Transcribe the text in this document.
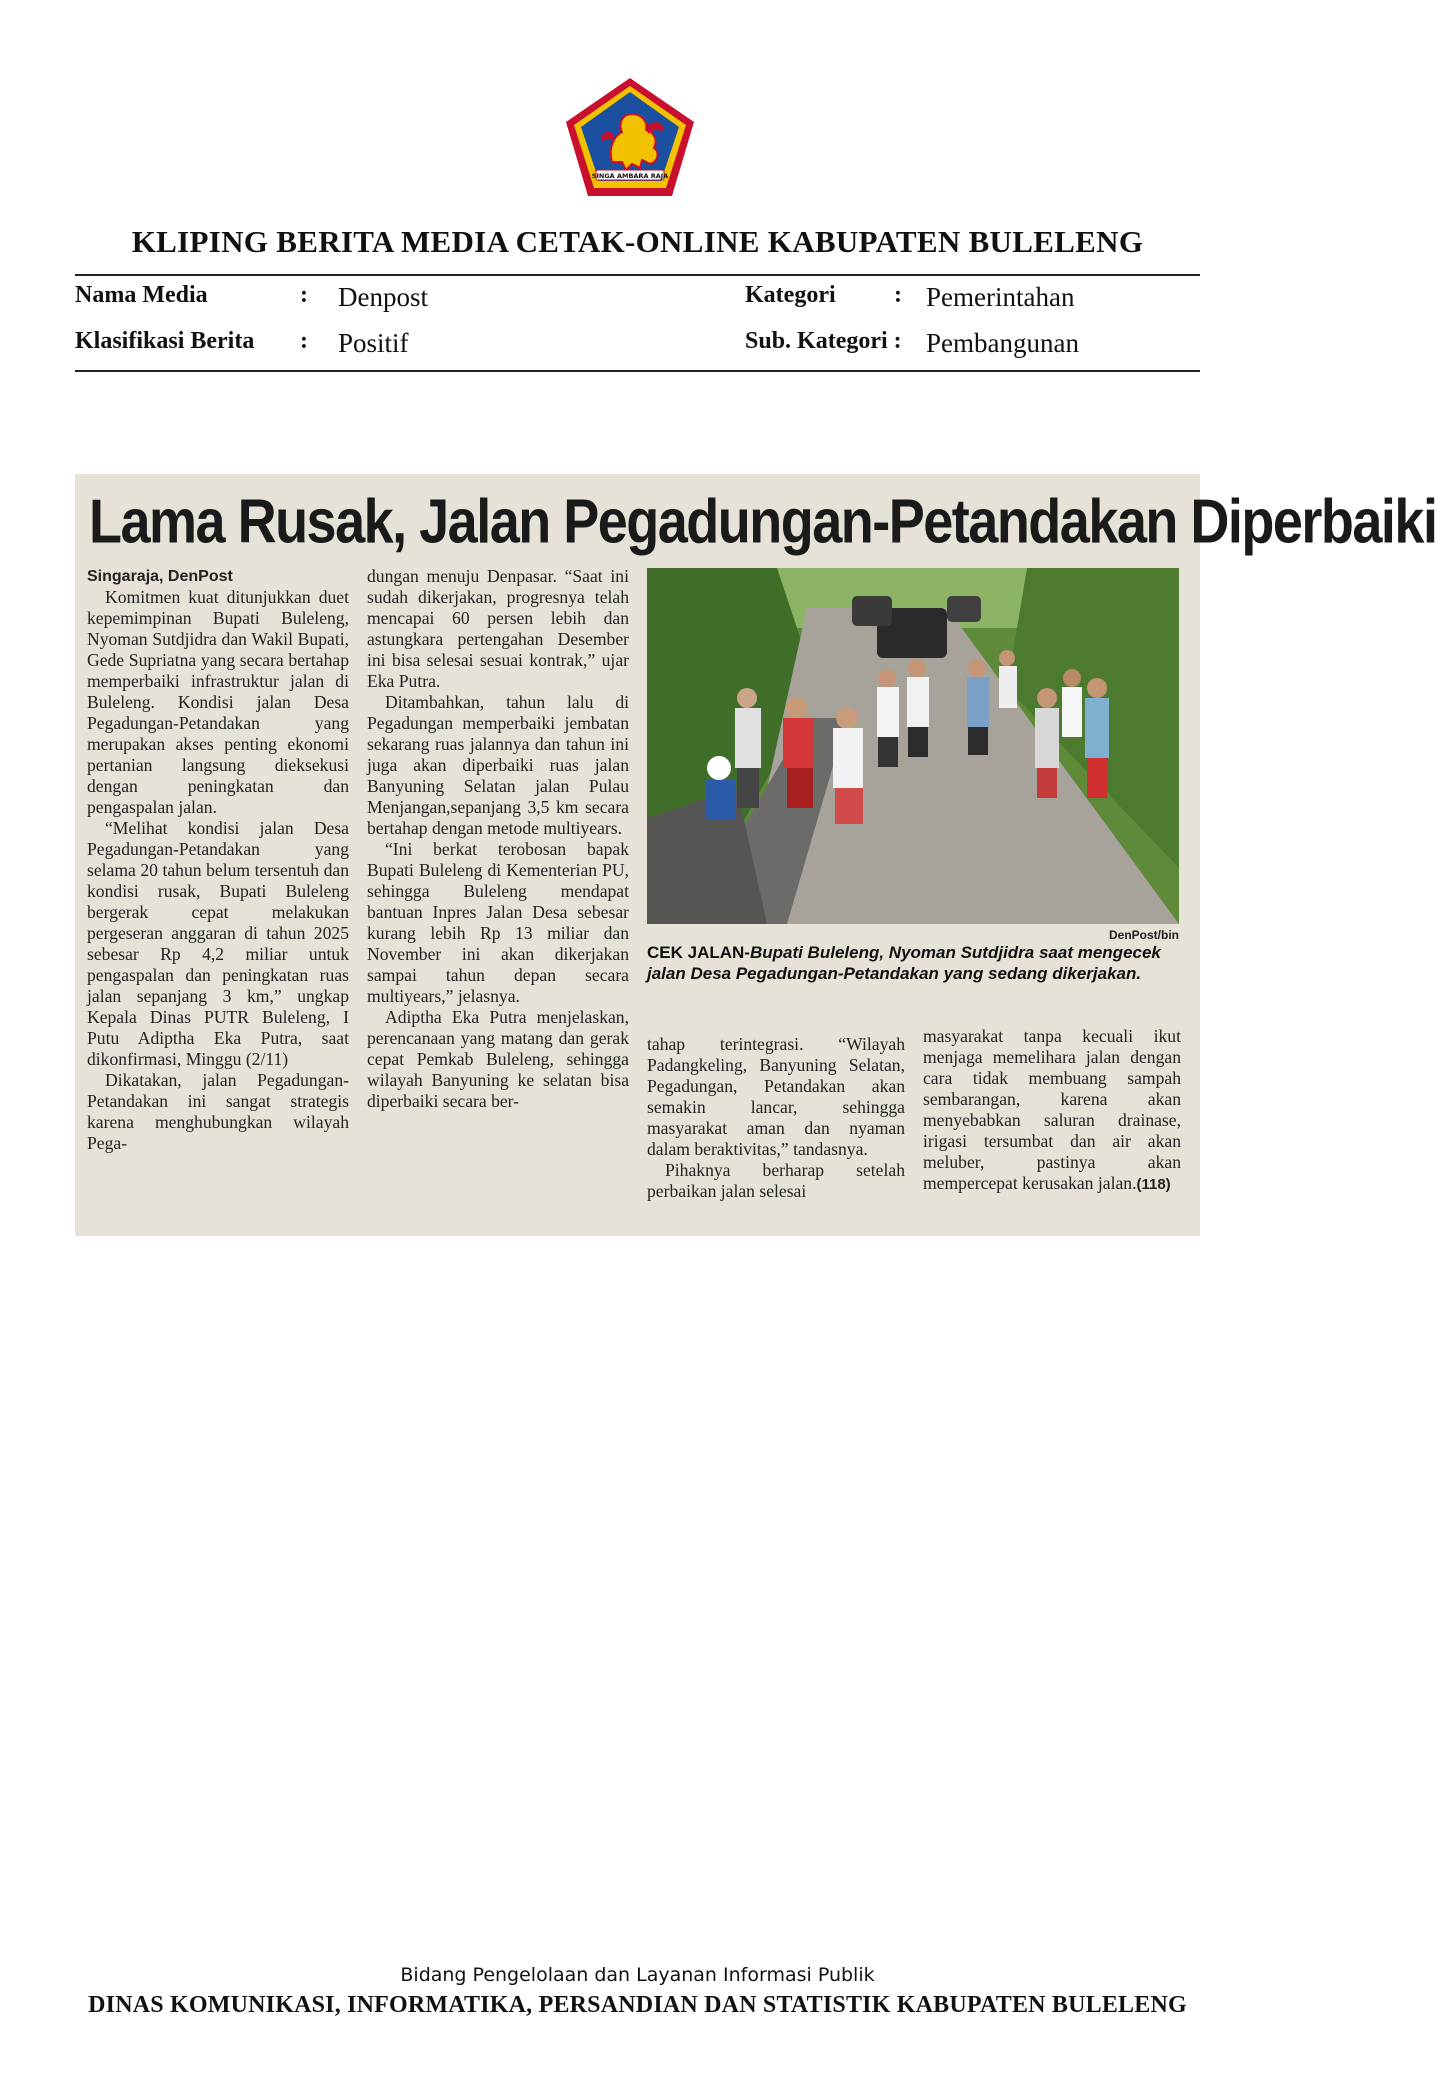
SINGA AMBARA RAJA
KLIPING BERITA MEDIA CETAK-ONLINE KABUPATEN BULELENG
Nama Media	: Denpost
Klasifikasi Berita : Positif
Kategori : Pemerintahan
Sub. Kategori : Pembangunan
Lama Rusak, Jalan Pegadungan-Petandakan Diperbaiki
Singaraja, DenPost

Komitmen kuat ditunjukkan duet kepemimpinan Bupati Buleleng, Nyoman Sutdjidra dan Wakil Bupati, Gede Supriatna yang secara bertahap memperbaiki infrastruktur jalan di Buleleng. Kondisi jalan Desa Pegadungan-Petandakan yang merupakan akses penting ekonomi pertanian langsung dieksekusi dengan peningkatan dan pengaspalan jalan.

“Melihat kondisi jalan Desa Pegadungan-Petandakan yang selama 20 tahun belum tersentuh dan kondisi rusak, Bupati Buleleng bergerak cepat melakukan pergeseran anggaran di tahun 2025 sebesar Rp 4,2 miliar untuk pengaspalan dan peningkatan ruas jalan sepanjang 3 km,” ungkap Kepala Dinas PUTR Buleleng, I Putu Adiptha Eka Putra, saat dikonfirmasi, Minggu (2/11)

Dikatakan, jalan Pegadungan-Petandakan ini sangat strategis karena menghubungkan wilayah Pega-

dungan menuju Denpasar. “Saat ini sudah dikerjakan, progresnya telah mencapai 60 persen lebih dan astungkara pertengahan Desember ini bisa selesai sesuai kontrak,” ujar Eka Putra.

Ditambahkan, tahun lalu di Pegadungan memperbaiki jembatan sekarang ruas jalannya dan tahun ini juga akan diperbaiki ruas jalan Banyuning Selatan jalan Pulau Menjangan,sepanjang 3,5 km secara bertahap dengan metode multiyears.

“Ini berkat terobosan bapak Bupati Buleleng di Kementerian PU, sehingga Buleleng mendapat bantuan Inpres Jalan Desa sebesar kurang lebih Rp 13 miliar dan November ini akan dikerjakan sampai tahun depan secara multiyears,” jelasnya.

Adiptha Eka Putra menjelaskan, perencanaan yang matang dan gerak cepat Pemkab Buleleng, sehingga wilayah Banyuning ke selatan bisa diperbaiki secara ber-

DenPost/bin
CEK JALAN-Bupati Buleleng, Nyoman Sutdjidra saat mengecek jalan Desa Pegadungan-Petandakan yang sedang dikerjakan.

tahap terintegrasi. “Wilayah Padangkeling, Banyuning Selatan, Pegadungan, Petandakan akan semakin lancar, sehingga masyarakat aman dan nyaman dalam beraktivitas,” tandasnya.

Pihaknya berharap setelah perbaikan jalan selesai

masyarakat tanpa kecuali ikut menjaga memelihara jalan dengan cara tidak membuang sampah sembarangan, karena akan menyebabkan saluran drainase, irigasi tersumbat dan air akan meluber, pastinya akan mempercepat kerusakan jalan.(118)

Bidang Pengelolaan dan Layanan Informasi Publik
DINAS KOMUNIKASI, INFORMATIKA, PERSANDIAN DAN STATISTIK KABUPATEN BULELENG
